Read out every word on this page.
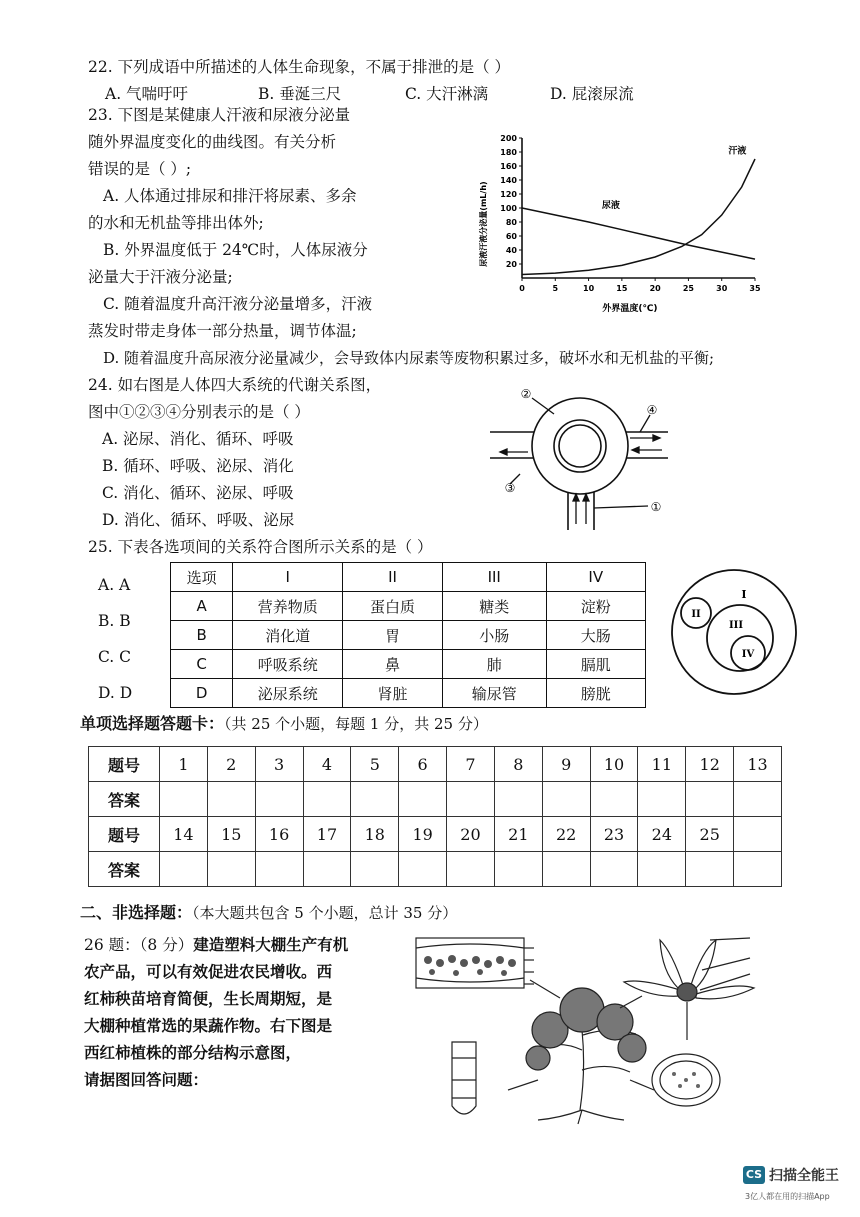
22. 下列成语中所描述的人体生命现象，不属于排泄的是（ ）
A. 气喘吁吁	B. 垂涎三尺	C. 大汗淋漓	D. 屁滚尿流
23. 下图是某健康人汗液和尿液分泌量
随外界温度变化的曲线图。有关分析
错误的是（ ）;
A. 人体通过排尿和排汗将尿素、多余
的水和无机盐等排出体外;
B. 外界温度低于 24℃时，人体尿液分
泌量大于汗液分泌量;
C. 随着温度升高汗液分泌量增多，汗液
蒸发时带走身体一部分热量，调节体温;
D. 随着温度升高尿液分泌量减少，会导致体内尿素等废物积累过多，破坏水和无机盐的平衡;
20
40
60
80
100
120
140
160
180
200
0	5	10	15	20	25	30	35
尿液
汗液
外界温度(℃)
尿液汗液分泌量(mL/h)
24. 如右图是人体四大系统的代谢关系图，
图中①②③④分别表示的是（ ）
A. 泌尿、消化、循环、呼吸
B. 循环、呼吸、泌尿、消化
C. 消化、循环、泌尿、呼吸
D. 消化、循环、呼吸、泌尿
②
④
③
①
25. 下表各选项间的关系符合图所示关系的是（ ）
A. A
B. B
C. C
D. D
选项	I	II	III	IV
A	营养物质	蛋白质	糖类	淀粉
B	消化道	胃	小肠	大肠
C	呼吸系统	鼻	肺	膈肌
D	泌尿系统	肾脏	输尿管	膀胱
I
II
III
IV
单项选择题答题卡：（共 25 个小题，每题 1 分，共 25 分）
题号	1	2	3	4	5	6	7	8	9	10	11	12	13
答案													
题号	14	15	16	17	18	19	20	21	22	23	24	25	
答案													
二、非选择题：（本大题共包含 5 个小题，总计 35 分）
26 题：（8 分）建造塑料大棚生产有机
农产品，可以有效促进农民增收。西
红柿秧苗培育简便，生长周期短，是
大棚种植常选的果蔬作物。右下图是
西红柿植株的部分结构示意图，
请据图回答问题：
CS 扫描全能王
3亿人都在用的扫描App
